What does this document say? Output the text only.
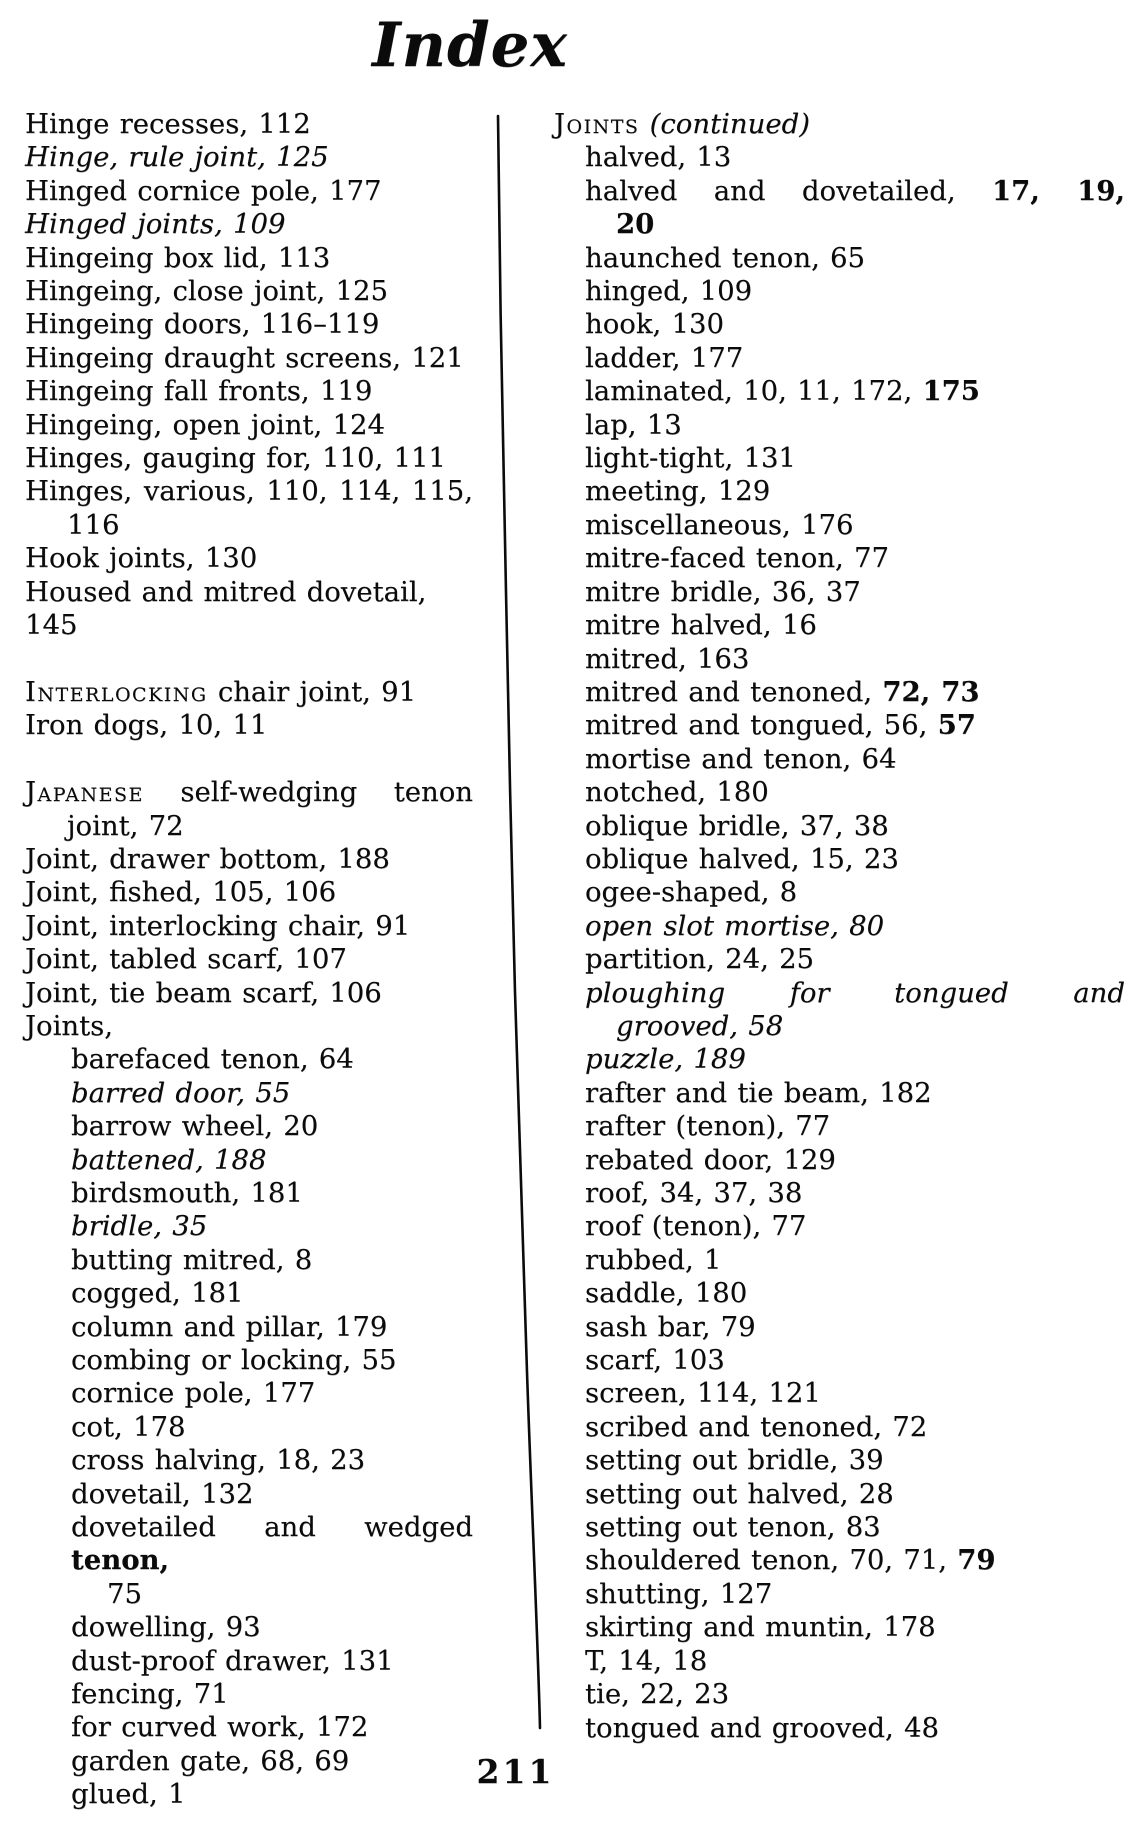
Index
Hinge recesses, 112
Hinge, rule joint, 125
Hinged cornice pole, 177
Hinged joints, 109
Hingeing box lid, 113
Hingeing, close joint, 125
Hingeing doors, 116–119
Hingeing draught screens, 121
Hingeing fall fronts, 119
Hingeing, open joint, 124
Hinges, gauging for, 110, 111
Hinges, various, 110, 114, 115,
116
Hook joints, 130
Housed and mitred dovetail, 145
Interlocking chair joint, 91
Iron dogs, 10, 11
Japanese self-wedging tenon
joint, 72
Joint, drawer bottom, 188
Joint, fished, 105, 106
Joint, interlocking chair, 91
Joint, tabled scarf, 107
Joint, tie beam scarf, 106
Joints,
barefaced tenon, 64
barred door, 55
barrow wheel, 20
battened, 188
birdsmouth, 181
bridle, 35
butting mitred, 8
cogged, 181
column and pillar, 179
combing or locking, 55
cornice pole, 177
cot, 178
cross halving, 18, 23
dovetail, 132
dovetailed and wedged tenon,
75
dowelling, 93
dust-proof drawer, 131
fencing, 71
for curved work, 172
garden gate, 68, 69
glued, 1
Joints (continued)
halved, 13
halved and dovetailed, 17, 19,
20
haunched tenon, 65
hinged, 109
hook, 130
ladder, 177
laminated, 10, 11, 172, 175
lap, 13
light-tight, 131
meeting, 129
miscellaneous, 176
mitre-faced tenon, 77
mitre bridle, 36, 37
mitre halved, 16
mitred, 163
mitred and tenoned, 72, 73
mitred and tongued, 56, 57
mortise and tenon, 64
notched, 180
oblique bridle, 37, 38
oblique halved, 15, 23
ogee-shaped, 8
open slot mortise, 80
partition, 24, 25
ploughing for tongued and
grooved, 58
puzzle, 189
rafter and tie beam, 182
rafter (tenon), 77
rebated door, 129
roof, 34, 37, 38
roof (tenon), 77
rubbed, 1
saddle, 180
sash bar, 79
scarf, 103
screen, 114, 121
scribed and tenoned, 72
setting out bridle, 39
setting out halved, 28
setting out tenon, 83
shouldered tenon, 70, 71, 79
shutting, 127
skirting and muntin, 178
T, 14, 18
tie, 22, 23
tongued and grooved, 48
211
